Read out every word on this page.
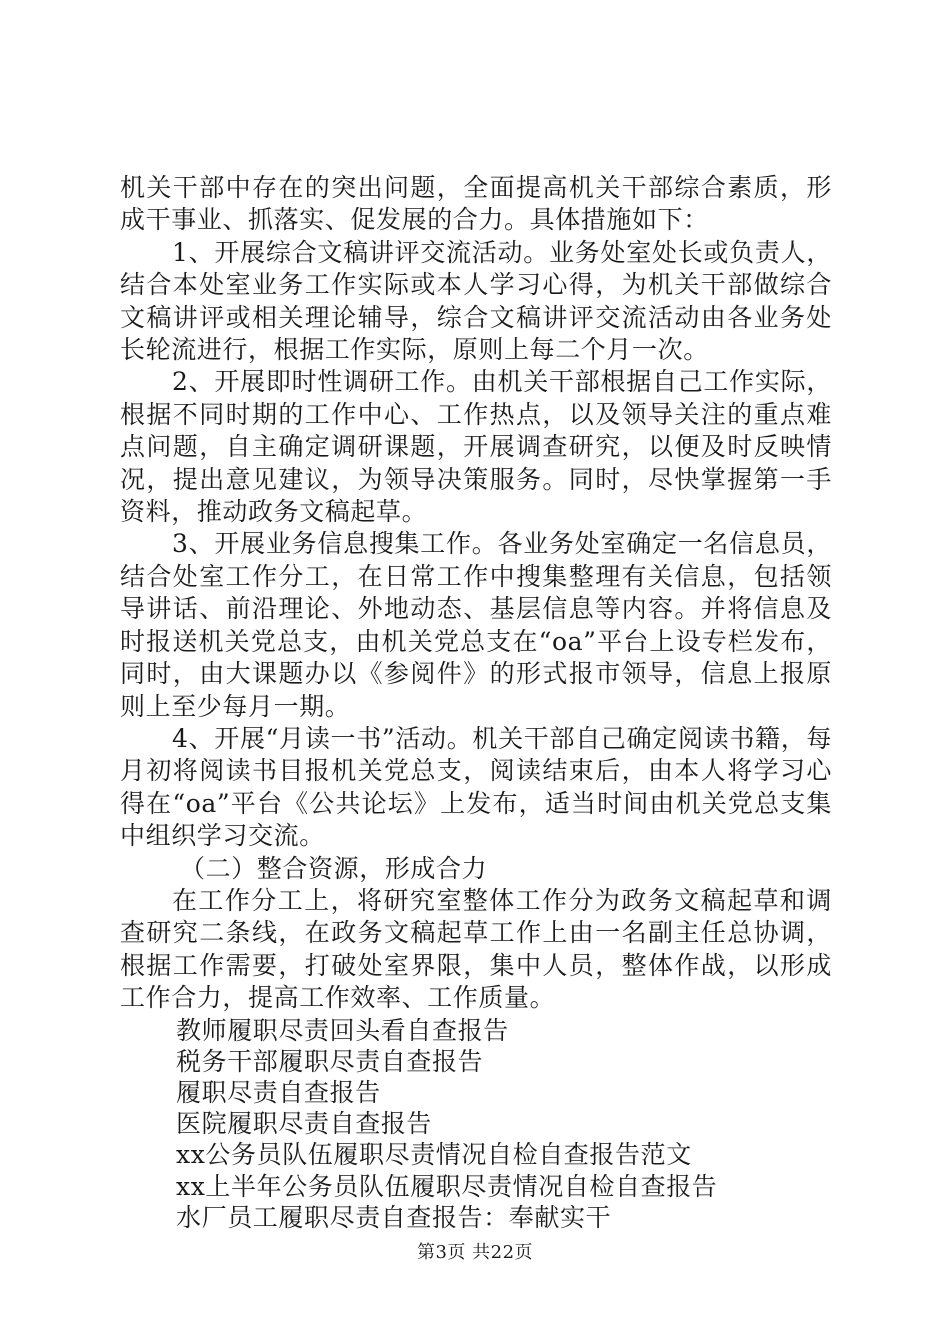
机关干部中存在的突出问题，全面提高机关干部综合素质，形成干事业、抓落实、促发展的合力。具体措施如下：

1、开展综合文稿讲评交流活动。业务处室处长或负责人，结合本处室业务工作实际或本人学习心得，为机关干部做综合文稿讲评或相关理论辅导，综合文稿讲评交流活动由各业务处长轮流进行，根据工作实际，原则上每二个月一次。

2、开展即时性调研工作。由机关干部根据自己工作实际，根据不同时期的工作中心、工作热点，以及领导关注的重点难点问题，自主确定调研课题，开展调查研究，以便及时反映情况，提出意见建议，为领导决策服务。同时，尽快掌握第一手资料，推动政务文稿起草。

3、开展业务信息搜集工作。各业务处室确定一名信息员，结合处室工作分工，在日常工作中搜集整理有关信息，包括领导讲话、前沿理论、外地动态、基层信息等内容。并将信息及时报送机关党总支，由机关党总支在“oa”平台上设专栏发布，同时，由大课题办以《参阅件》的形式报市领导，信息上报原则上至少每月一期。

4、开展“月读一书”活动。机关干部自己确定阅读书籍，每月初将阅读书目报机关党总支，阅读结束后，由本人将学习心得在“oa”平台《公共论坛》上发布，适当时间由机关党总支集中组织学习交流。

（二）整合资源，形成合力

在工作分工上，将研究室整体工作分为政务文稿起草和调查研究二条线，在政务文稿起草工作上由一名副主任总协调，根据工作需要，打破处室界限，集中人员，整体作战，以形成工作合力，提高工作效率、工作质量。

教师履职尽责回头看自查报告
税务干部履职尽责自查报告
履职尽责自查报告
医院履职尽责自查报告
xx公务员队伍履职尽责情况自检自查报告范文
xx上半年公务员队伍履职尽责情况自检自查报告
水厂员工履职尽责自查报告：奉献实干
第3页 共22页
